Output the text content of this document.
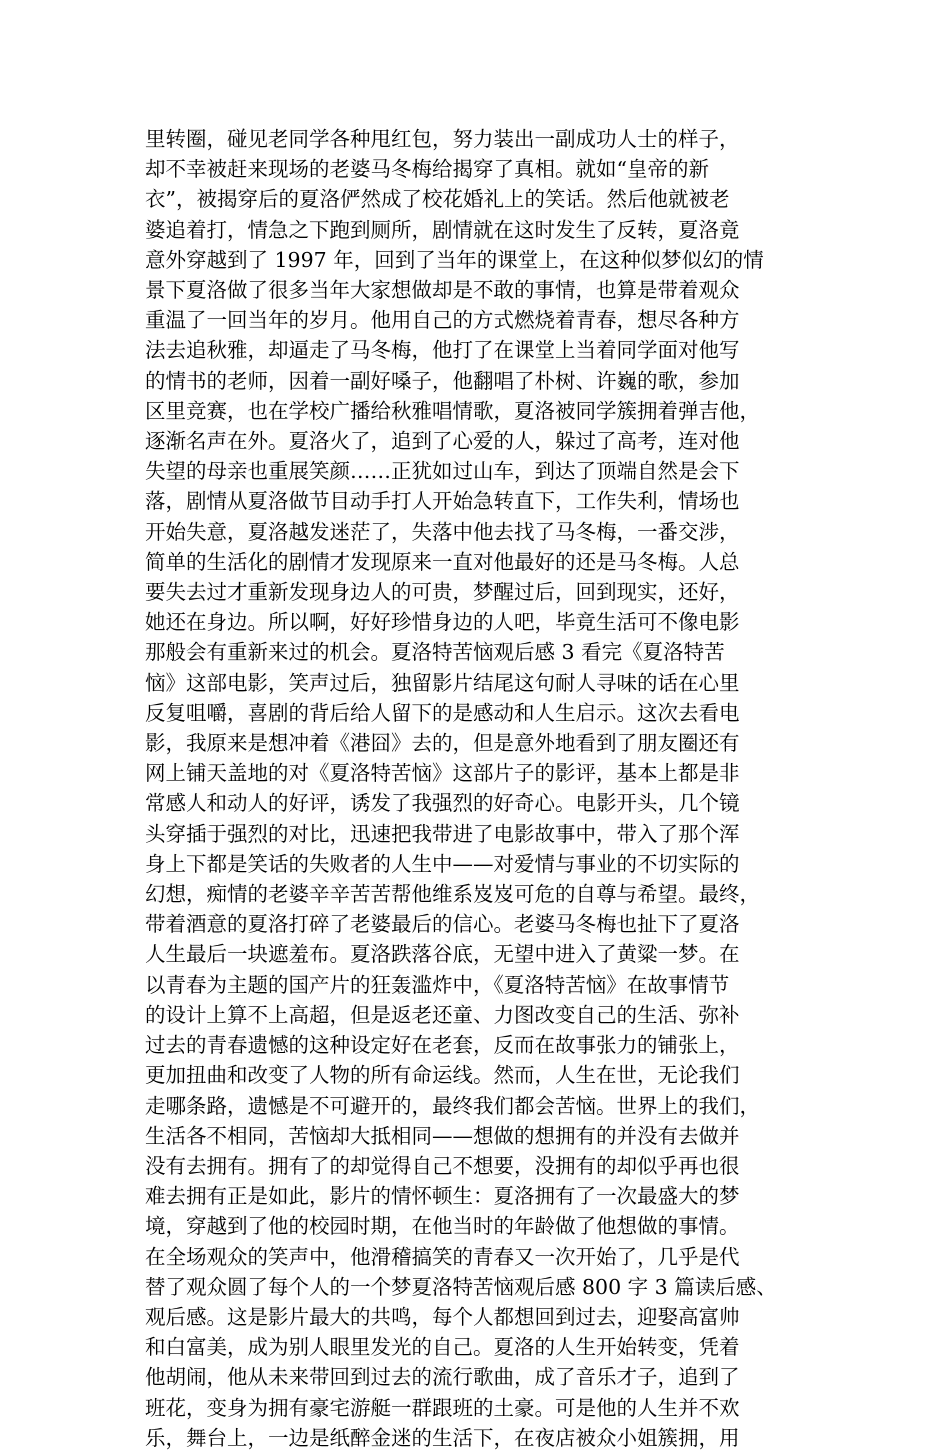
里转圈，碰见老同学各种甩红包，努力装出一副成功人士的样子，
却不幸被赶来现场的老婆马冬梅给揭穿了真相。就如“皇帝的新
衣”，被揭穿后的夏洛俨然成了校花婚礼上的笑话。然后他就被老
婆追着打，情急之下跑到厕所，剧情就在这时发生了反转，夏洛竟
意外穿越到了 1997 年，回到了当年的课堂上，在这种似梦似幻的情
景下夏洛做了很多当年大家想做却是不敢的事情，也算是带着观众
重温了一回当年的岁月。他用自己的方式燃烧着青春，想尽各种方
法去追秋雅，却逼走了马冬梅，他打了在课堂上当着同学面对他写
的情书的老师，因着一副好嗓子，他翻唱了朴树、许巍的歌，参加
区里竞赛，也在学校广播给秋雅唱情歌，夏洛被同学簇拥着弹吉他，
逐渐名声在外。夏洛火了，追到了心爱的人，躲过了高考，连对他
失望的母亲也重展笑颜……正犹如过山车，到达了顶端自然是会下
落，剧情从夏洛做节目动手打人开始急转直下，工作失利，情场也
开始失意，夏洛越发迷茫了，失落中他去找了马冬梅，一番交涉，
简单的生活化的剧情才发现原来一直对他最好的还是马冬梅。人总
要失去过才重新发现身边人的可贵，梦醒过后，回到现实，还好，
她还在身边。所以啊，好好珍惜身边的人吧，毕竟生活可不像电影
那般会有重新来过的机会。夏洛特苦恼观后感 3 看完《夏洛特苦
恼》这部电影，笑声过后，独留影片结尾这句耐人寻味的话在心里
反复咀嚼，喜剧的背后给人留下的是感动和人生启示。这次去看电
影，我原来是想冲着《港囧》去的，但是意外地看到了朋友圈还有
网上铺天盖地的对《夏洛特苦恼》这部片子的影评，基本上都是非
常感人和动人的好评，诱发了我强烈的好奇心。电影开头，几个镜
头穿插于强烈的对比，迅速把我带进了电影故事中，带入了那个浑
身上下都是笑话的失败者的人生中——对爱情与事业的不切实际的
幻想，痴情的老婆辛辛苦苦帮他维系岌岌可危的自尊与希望。最终，
带着酒意的夏洛打碎了老婆最后的信心。老婆马冬梅也扯下了夏洛
人生最后一块遮羞布。夏洛跌落谷底，无望中进入了黄粱一梦。在
以青春为主题的国产片的狂轰滥炸中，《夏洛特苦恼》在故事情节
的设计上算不上高超，但是返老还童、力图改变自己的生活、弥补
过去的青春遗憾的这种设定好在老套，反而在故事张力的铺张上，
更加扭曲和改变了人物的所有命运线。然而，人生在世，无论我们
走哪条路，遗憾是不可避开的，最终我们都会苦恼。世界上的我们，
生活各不相同，苦恼却大抵相同——想做的想拥有的并没有去做并
没有去拥有。拥有了的却觉得自己不想要，没拥有的却似乎再也很
难去拥有正是如此，影片的情怀顿生：夏洛拥有了一次最盛大的梦
境，穿越到了他的校园时期，在他当时的年龄做了他想做的事情。
在全场观众的笑声中，他滑稽搞笑的青春又一次开始了，几乎是代
替了观众圆了每个人的一个梦夏洛特苦恼观后感 800 字 3 篇读后感、
观后感。这是影片最大的共鸣，每个人都想回到过去，迎娶高富帅
和白富美，成为别人眼里发光的自己。夏洛的人生开始转变，凭着
他胡闹，他从未来带回到过去的流行歌曲，成了音乐才子，追到了
班花，变身为拥有豪宅游艇一群跟班的土豪。可是他的人生并不欢
乐，舞台上，一边是纸醉金迷的生活下，在夜店被众小姐簇拥，用
